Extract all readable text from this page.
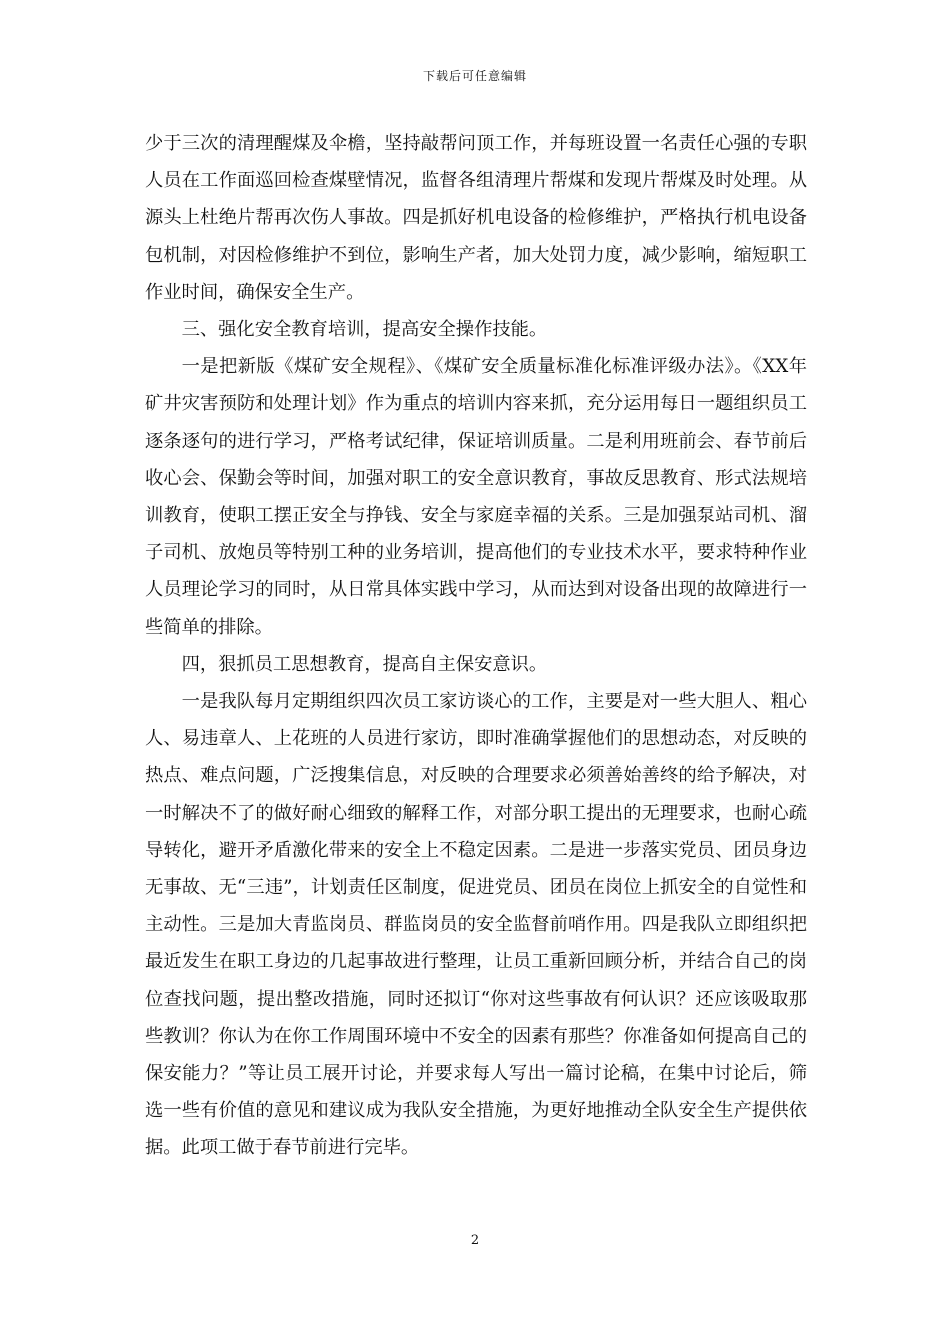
下载后可任意编辑

少于三次的清理醒煤及伞檐，坚持敲帮问顶工作，并每班设置一名责任心强的专职人员在工作面巡回检查煤壁情况，监督各组清理片帮煤和发现片帮煤及时处理。从源头上杜绝片帮再次伤人事故。四是抓好机电设备的检修维护，严格执行机电设备包机制，对因检修维护不到位，影响生产者，加大处罚力度，减少影响，缩短职工作业时间，确保安全生产。

三、强化安全教育培训，提高安全操作技能。

一是把新版《煤矿安全规程》、《煤矿安全质量标准化标准评级办法》。《XX年矿井灾害预防和处理计划》作为重点的培训内容来抓，充分运用每日一题组织员工逐条逐句的进行学习，严格考试纪律，保证培训质量。二是利用班前会、春节前后收心会、保勤会等时间，加强对职工的安全意识教育，事故反思教育、形式法规培训教育，使职工摆正安全与挣钱、安全与家庭幸福的关系。三是加强泵站司机、溜子司机、放炮员等特别工种的业务培训，提高他们的专业技术水平，要求特种作业人员理论学习的同时，从日常具体实践中学习，从而达到对设备出现的故障进行一些简单的排除。

四，狠抓员工思想教育，提高自主保安意识。

一是我队每月定期组织四次员工家访谈心的工作，主要是对一些大胆人、粗心人、易违章人、上花班的人员进行家访，即时准确掌握他们的思想动态，对反映的热点、难点问题，广泛搜集信息，对反映的合理要求必须善始善终的给予解决，对一时解决不了的做好耐心细致的解释工作，对部分职工提出的无理要求，也耐心疏导转化，避开矛盾激化带来的安全上不稳定因素。二是进一步落实党员、团员身边无事故、无“三违”，计划责任区制度，促进党员、团员在岗位上抓安全的自觉性和主动性。三是加大青监岗员、群监岗员的安全监督前哨作用。四是我队立即组织把最近发生在职工身边的几起事故进行整理，让员工重新回顾分析，并结合自己的岗位查找问题，提出整改措施，同时还拟订“你对这些事故有何认识？还应该吸取那些教训？你认为在你工作周围环境中不安全的因素有那些？你准备如何提高自己的保安能力？”等让员工展开讨论，并要求每人写出一篇讨论稿，在集中讨论后，筛选一些有价值的意见和建议成为我队安全措施，为更好地推动全队安全生产提供依据。此项工做于春节前进行完毕。

2
